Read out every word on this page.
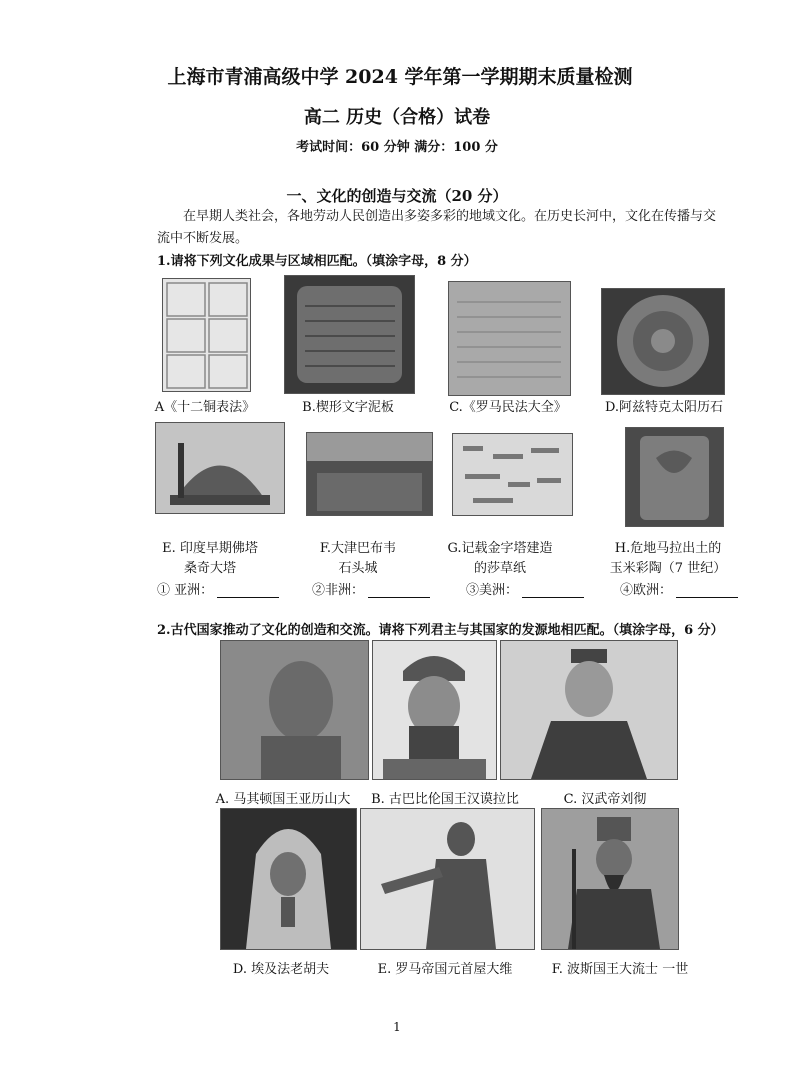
上海市青浦高级中学 2024 学年第一学期期末质量检测
高二 历史（合格）试卷
考试时间：60 分钟 满分：100 分
一、文化的创造与交流（20 分）
在早期人类社会，各地劳动人民创造出多姿多彩的地域文化。在历史长河中，文化在传播与交
流中不断发展。
1.请将下列文化成果与区域相匹配。（填涂字母，8 分）
A《十二铜表法》	B.楔形文字泥板	C.《罗马民法大全》	D.阿兹特克太阳历石
E. 印度早期佛塔
桑奇大塔
F.大津巴布韦
石头城
G.记载金字塔建造
的莎草纸
H.危地马拉出土的
玉米彩陶（7 世纪）
① 亚洲：	②非洲：	③美洲：	④欧洲：
2.古代国家推动了文化的创造和交流。请将下列君主与其国家的发源地相匹配。（填涂字母，6 分）
A. 马其顿国王亚历山大	B. 古巴比伦国王汉谟拉比	C. 汉武帝刘彻
D. 埃及法老胡夫	E. 罗马帝国元首屋大维	F. 波斯国王大流士 一世
1
